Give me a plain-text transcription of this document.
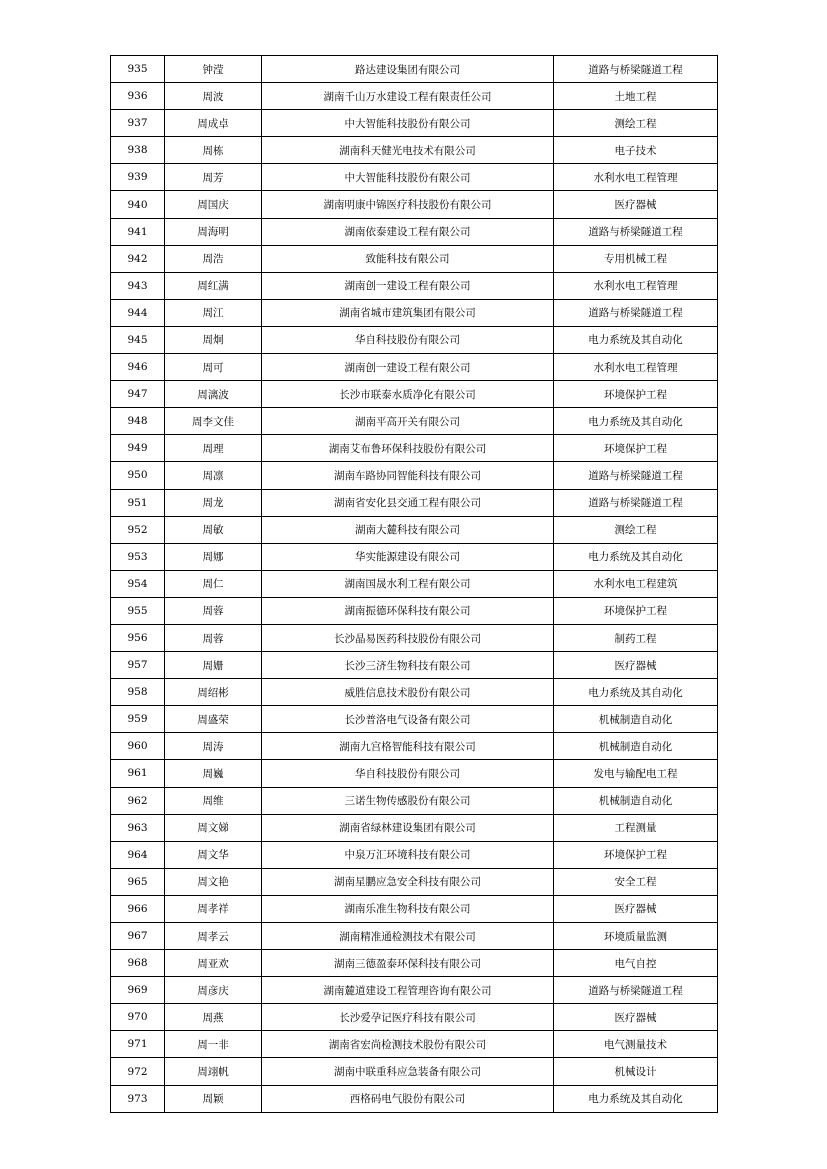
935	钟滢	路达建设集团有限公司	道路与桥梁隧道工程
936	周波	湖南千山万水建设工程有限责任公司	土地工程
937	周成卓	中大智能科技股份有限公司	测绘工程
938	周栋	湖南科天健光电技术有限公司	电子技术
939	周芳	中大智能科技股份有限公司	水利水电工程管理
940	周国庆	湖南明康中锦医疗科技股份有限公司	医疗器械
941	周海明	湖南依泰建设工程有限公司	道路与桥梁隧道工程
942	周浩	致能科技有限公司	专用机械工程
943	周红满	湖南创一建设工程有限公司	水利水电工程管理
944	周江	湖南省城市建筑集团有限公司	道路与桥梁隧道工程
945	周炯	华自科技股份有限公司	电力系统及其自动化
946	周可	湖南创一建设工程有限公司	水利水电工程管理
947	周漓波	长沙市联泰水质净化有限公司	环境保护工程
948	周李文佳	湖南平高开关有限公司	电力系统及其自动化
949	周理	湖南艾布鲁环保科技股份有限公司	环境保护工程
950	周凛	湖南车路协同智能科技有限公司	道路与桥梁隧道工程
951	周龙	湖南省安化县交通工程有限公司	道路与桥梁隧道工程
952	周敏	湖南大麓科技有限公司	测绘工程
953	周娜	华实能源建设有限公司	电力系统及其自动化
954	周仁	湖南国晟水利工程有限公司	水利水电工程建筑
955	周蓉	湖南振德环保科技有限公司	环境保护工程
956	周蓉	长沙晶易医药科技股份有限公司	制药工程
957	周姗	长沙三济生物科技有限公司	医疗器械
958	周绍彬	威胜信息技术股份有限公司	电力系统及其自动化
959	周盛荣	长沙普洛电气设备有限公司	机械制造自动化
960	周涛	湖南九宫格智能科技有限公司	机械制造自动化
961	周巍	华自科技股份有限公司	发电与输配电工程
962	周维	三诺生物传感股份有限公司	机械制造自动化
963	周文娣	湖南省绿林建设集团有限公司	工程测量
964	周文华	中泉万汇环境科技有限公司	环境保护工程
965	周文艳	湖南星鹏应急安全科技有限公司	安全工程
966	周孝祥	湖南乐准生物科技有限公司	医疗器械
967	周孝云	湖南精准通检测技术有限公司	环境质量监测
968	周亚欢	湖南三德盈泰环保科技有限公司	电气自控
969	周彦庆	湖南麓道建设工程管理咨询有限公司	道路与桥梁隧道工程
970	周燕	长沙爱孕记医疗科技有限公司	医疗器械
971	周一非	湖南省宏尚检测技术股份有限公司	电气测量技术
972	周翊帆	湖南中联重科应急装备有限公司	机械设计
973	周颖	西格码电气股份有限公司	电力系统及其自动化
